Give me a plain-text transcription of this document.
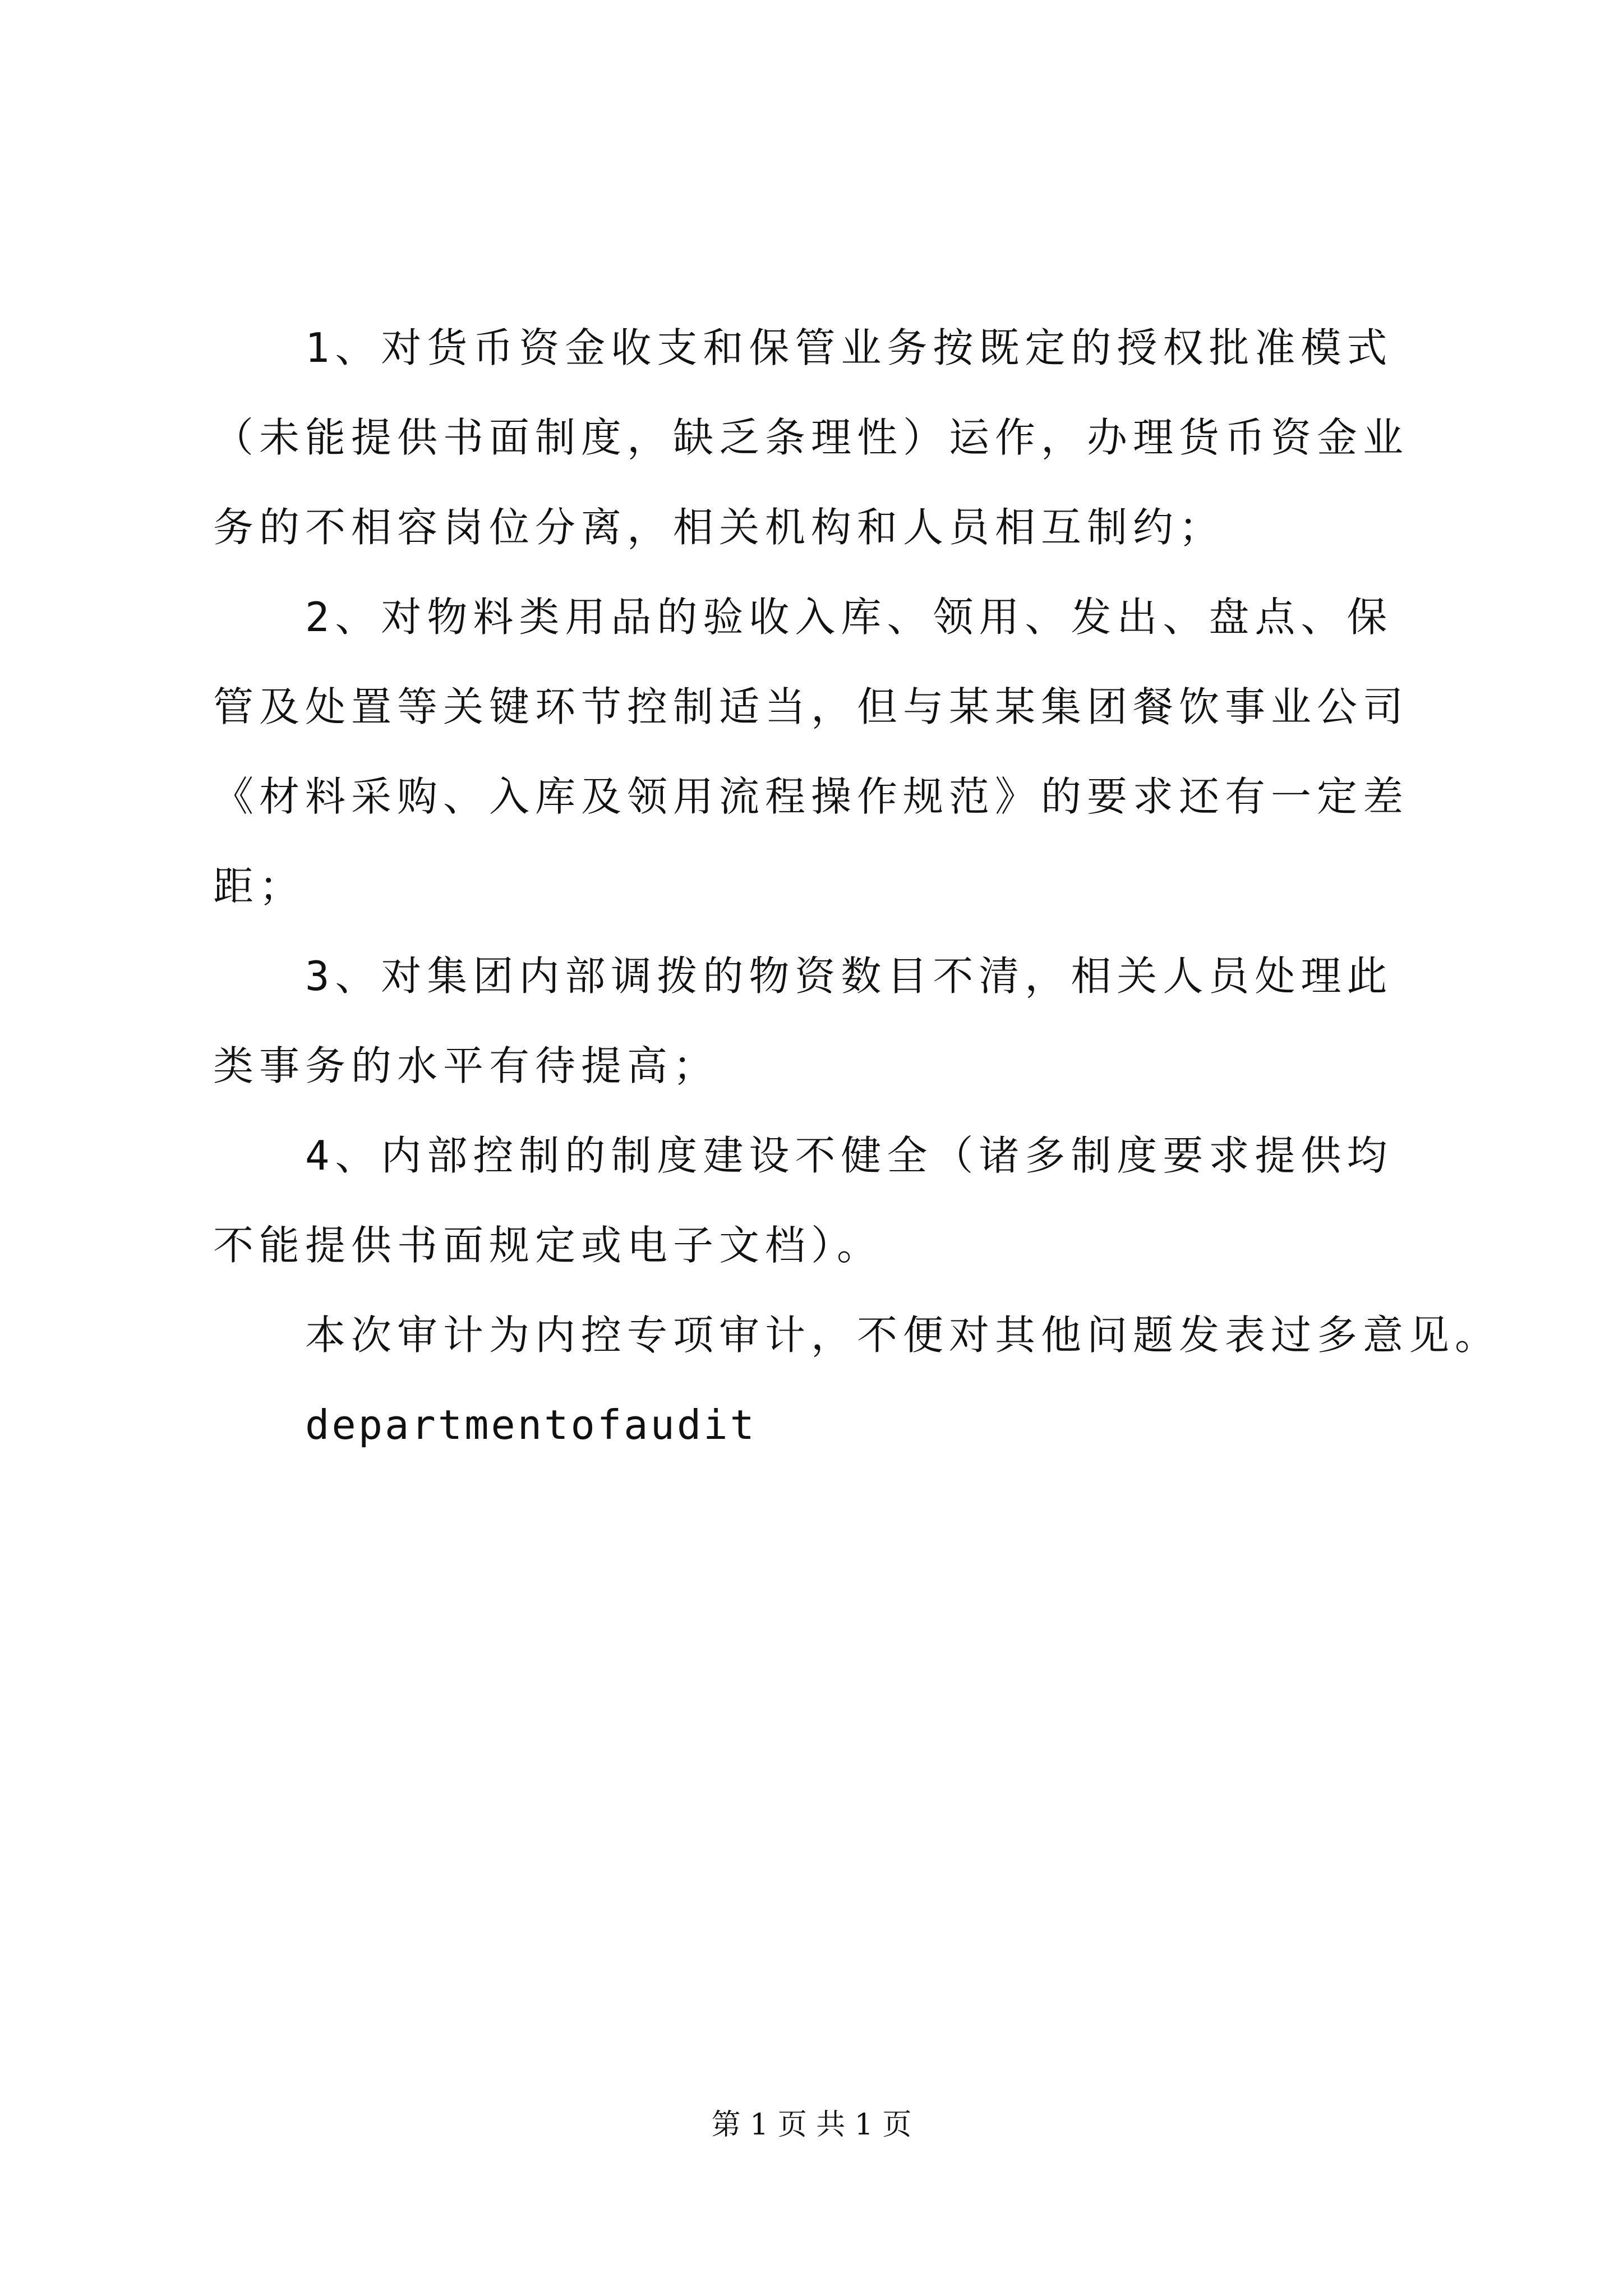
1、对货币资金收支和保管业务按既定的授权批准模式（未能提供书面制度，缺乏条理性）运作，办理货币资金业务的不相容岗位分离，相关机构和人员相互制约；

2、对物料类用品的验收入库、领用、发出、盘点、保管及处置等关键环节控制适当，但与某某集团餐饮事业公司《材料采购、入库及领用流程操作规范》的要求还有一定差距；

3、对集团内部调拨的物资数目不清，相关人员处理此类事务的水平有待提高；

4、内部控制的制度建设不健全（诸多制度要求提供均不能提供书面规定或电子文档）。

本次审计为内控专项审计，不便对其他问题发表过多意见。

departmentofaudit

第 1 页 共 1 页
